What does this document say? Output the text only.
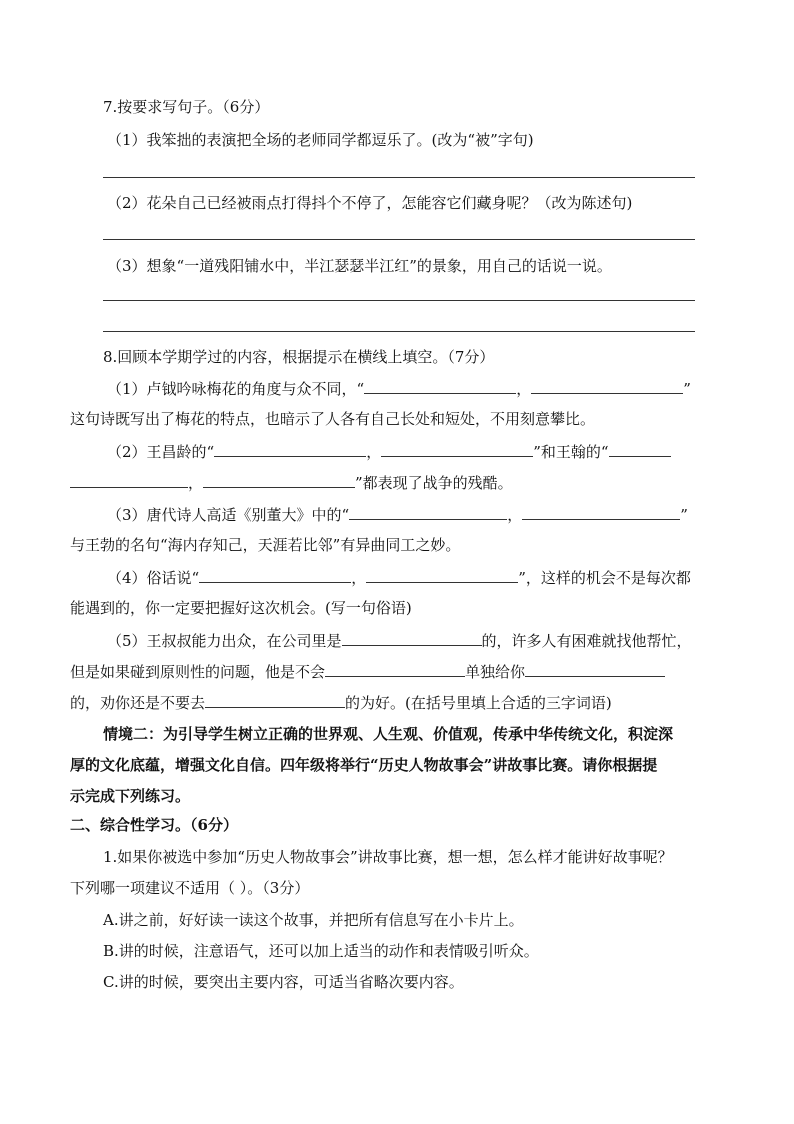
7.按要求写句子。（6分）
（1）我笨拙的表演把全场的老师同学都逗乐了。(改为“被”字句)
（2）花朵自己已经被雨点打得抖个不停了，怎能容它们藏身呢？（改为陈述句)
（3）想象“一道残阳铺水中，半江瑟瑟半江红”的景象，用自己的话说一说。
8.回顾本学期学过的内容，根据提示在横线上填空。（7分）
（1）卢钺吟咏梅花的角度与众不同，“	，	”
这句诗既写出了梅花的特点，也暗示了人各有自己长处和短处，不用刻意攀比。
（2）王昌龄的“	，	”和王翰的“
，	”都表现了战争的残酷。
（3）唐代诗人高适《别董大》中的“	，	”
与王勃的名句“海内存知己，天涯若比邻”有异曲同工之妙。
（4）俗话说“	，	”，这样的机会不是每次都
能遇到的，你一定要把握好这次机会。(写一句俗语)
（5）王叔叔能力出众，在公司里是	的，许多人有困难就找他帮忙，
但是如果碰到原则性的问题，他是不会	单独给你
的，劝你还是不要去	的为好。(在括号里填上合适的三字词语)
情境二：为引导学生树立正确的世界观、人生观、价值观，传承中华传统文化，积淀深
厚的文化底蕴，增强文化自信。四年级将举行“历史人物故事会”讲故事比赛。请你根据提
示完成下列练习。
二、综合性学习。（6分）
1.如果你被选中参加“历史人物故事会”讲故事比赛，想一想，怎么样才能讲好故事呢？
下列哪一项建议不适用（ ）。（3分）
A.讲之前，好好读一读这个故事，并把所有信息写在小卡片上。
B.讲的时候，注意语气，还可以加上适当的动作和表情吸引听众。
C.讲的时候，要突出主要内容，可适当省略次要内容。
